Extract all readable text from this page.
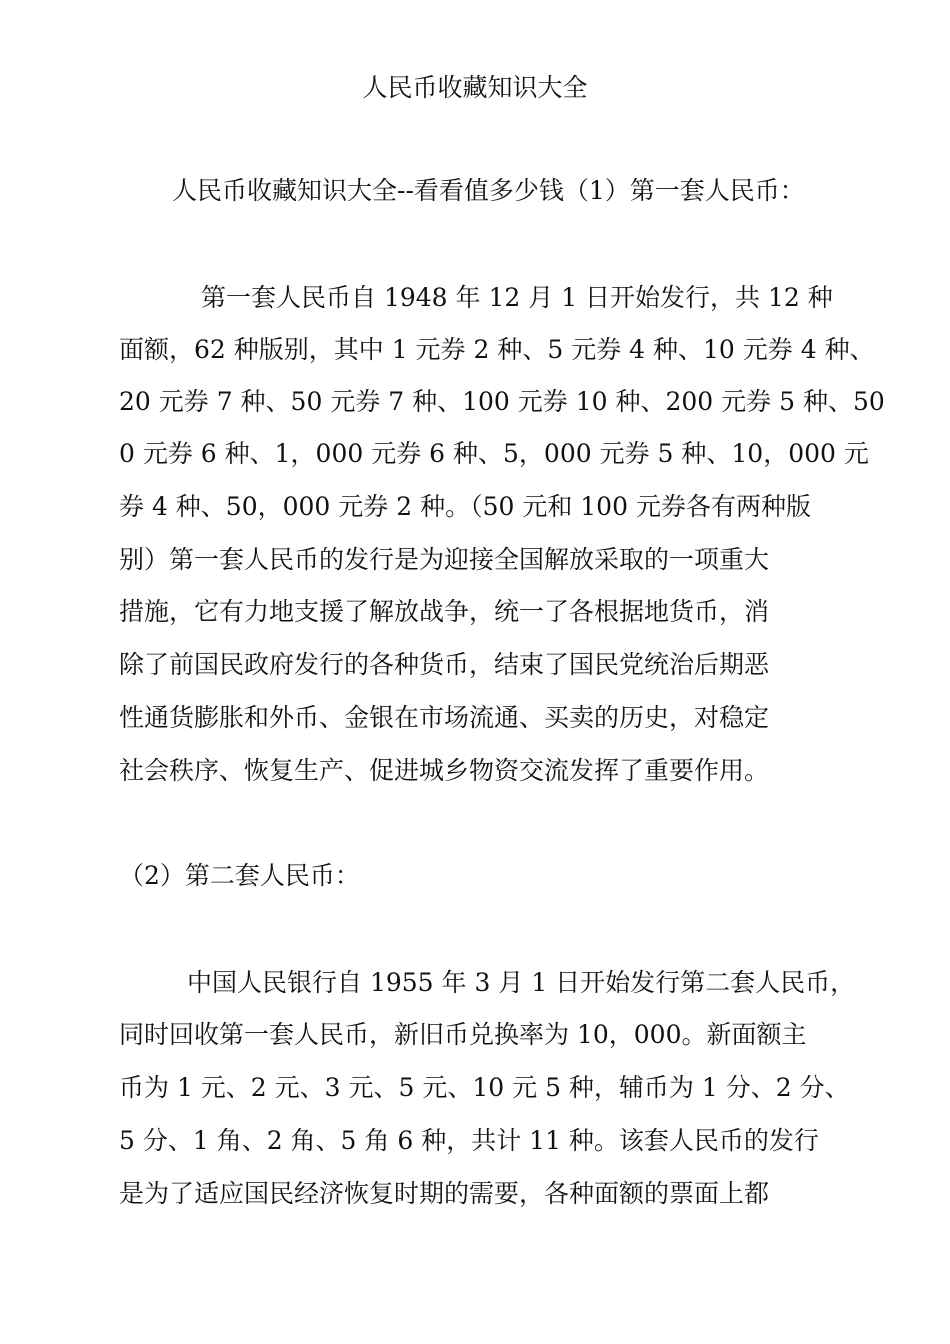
人民币收藏知识大全
人民币收藏知识大全--看看值多少钱（1）第一套人民币：
第一套人民币自 1948 年 12 月 1 日开始发行，共 12 种
面额，62 种版别，其中 1 元券 2 种、5 元券 4 种、10 元券 4 种、
20 元券 7 种、50 元券 7 种、100 元券 10 种、200 元券 5 种、50
0 元券 6 种、1，000 元券 6 种、5，000 元券 5 种、10，000 元
券 4 种、50，000 元券 2 种。（50 元和 100 元券各有两种版
别）第一套人民币的发行是为迎接全国解放采取的一项重大
措施，它有力地支援了解放战争，统一了各根据地货币，消
除了前国民政府发行的各种货币，结束了国民党统治后期恶
性通货膨胀和外币、金银在市场流通、买卖的历史，对稳定
社会秩序、恢复生产、促进城乡物资交流发挥了重要作用。
（2）第二套人民币：
中国人民银行自 1955 年 3 月 1 日开始发行第二套人民币，
同时回收第一套人民币，新旧币兑换率为 10，000。新面额主
币为 1 元、2 元、3 元、5 元、10 元 5 种，辅币为 1 分、2 分、
5 分、1 角、2 角、5 角 6 种，共计 11 种。该套人民币的发行
是为了适应国民经济恢复时期的需要，各种面额的票面上都
